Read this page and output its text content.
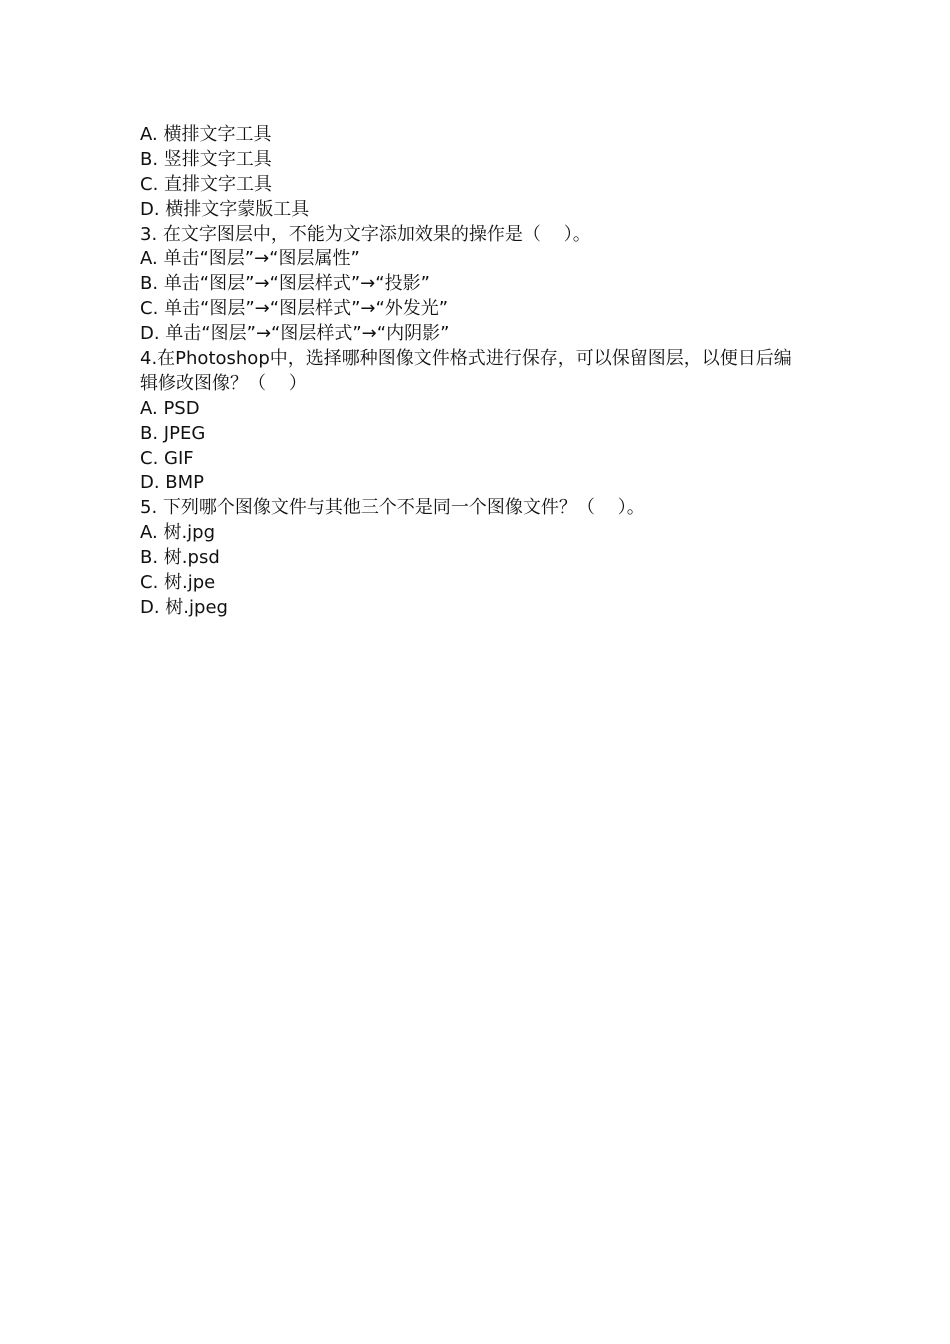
A. 横排文字工具
B. 竖排文字工具
C. 直排文字工具
D. 横排文字蒙版工具
3. 在文字图层中，不能为文字添加效果的操作是（    ）。
A. 单击“图层”→“图层属性”
B. 单击“图层”→“图层样式”→“投影”
C. 单击“图层”→“图层样式”→“外发光”
D. 单击“图层”→“图层样式”→“内阴影”
4.在Photoshop中，选择哪种图像文件格式进行保存，可以保留图层，以便日后编
辑修改图像？（    ）
A. PSD
B. JPEG
C. GIF
D. BMP
5. 下列哪个图像文件与其他三个不是同一个图像文件？（    ）。
A. 树.jpg
B. 树.psd
C. 树.jpe
D. 树.jpeg
